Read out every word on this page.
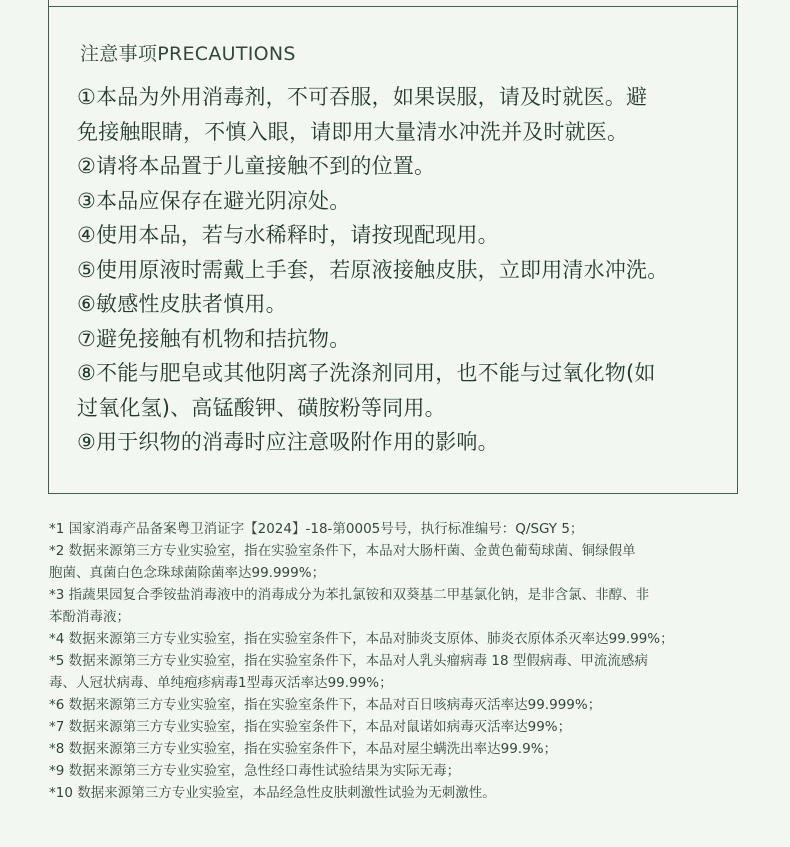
注意事项PRECAUTIONS
①本品为外用消毒剂，不可吞服，如果误服，请及时就医。避
免接触眼睛，不慎入眼，请即用大量清水冲洗并及时就医。
②请将本品置于儿童接触不到的位置。
③本品应保存在避光阴凉处。
④使用本品，若与水稀释时，请按现配现用。
⑤使用原液时需戴上手套，若原液接触皮肤，立即用清水冲洗。
⑥敏感性皮肤者慎用。
⑦避免接触有机物和拮抗物。
⑧不能与肥皂或其他阴离子洗涤剂同用，也不能与过氧化物(如
过氧化氢)、高锰酸钾、磺胺粉等同用。
⑨用于织物的消毒时应注意吸附作用的影响。
*1 国家消毒产品备案粤卫消证字【2024】-18-第0005号号，执行标准编号：Q/SGY 5；
*2 数据来源第三方专业实验室，指在实验室条件下，本品对大肠杆菌、金黄色葡萄球菌、铜绿假单
胞菌、真菌白色念珠球菌除菌率达99.999%；
*3 指蔬果园复合季铵盐消毒液中的消毒成分为苯扎氯铵和双葵基二甲基氯化钠，是非含氯、非醇、非
苯酚消毒液；
*4 数据来源第三方专业实验室，指在实验室条件下，本品对肺炎支原体、肺炎衣原体杀灭率达99.99%；
*5 数据来源第三方专业实验室，指在实验室条件下，本品对人乳头瘤病毒 18 型假病毒、甲流流感病
毒、人冠状病毒、单纯疱疹病毒1型毒灭活率达99.99%；
*6 数据来源第三方专业实验室，指在实验室条件下，本品对百日咳病毒灭活率达99.999%；
*7 数据来源第三方专业实验室，指在实验室条件下，本品对鼠诺如病毒灭活率达99%；
*8 数据来源第三方专业实验室，指在实验室条件下，本品对屋尘螨洗出率达99.9%；
*9 数据来源第三方专业实验室，急性经口毒性试验结果为实际无毒；
*10 数据来源第三方专业实验室，本品经急性皮肤刺激性试验为无刺激性。
